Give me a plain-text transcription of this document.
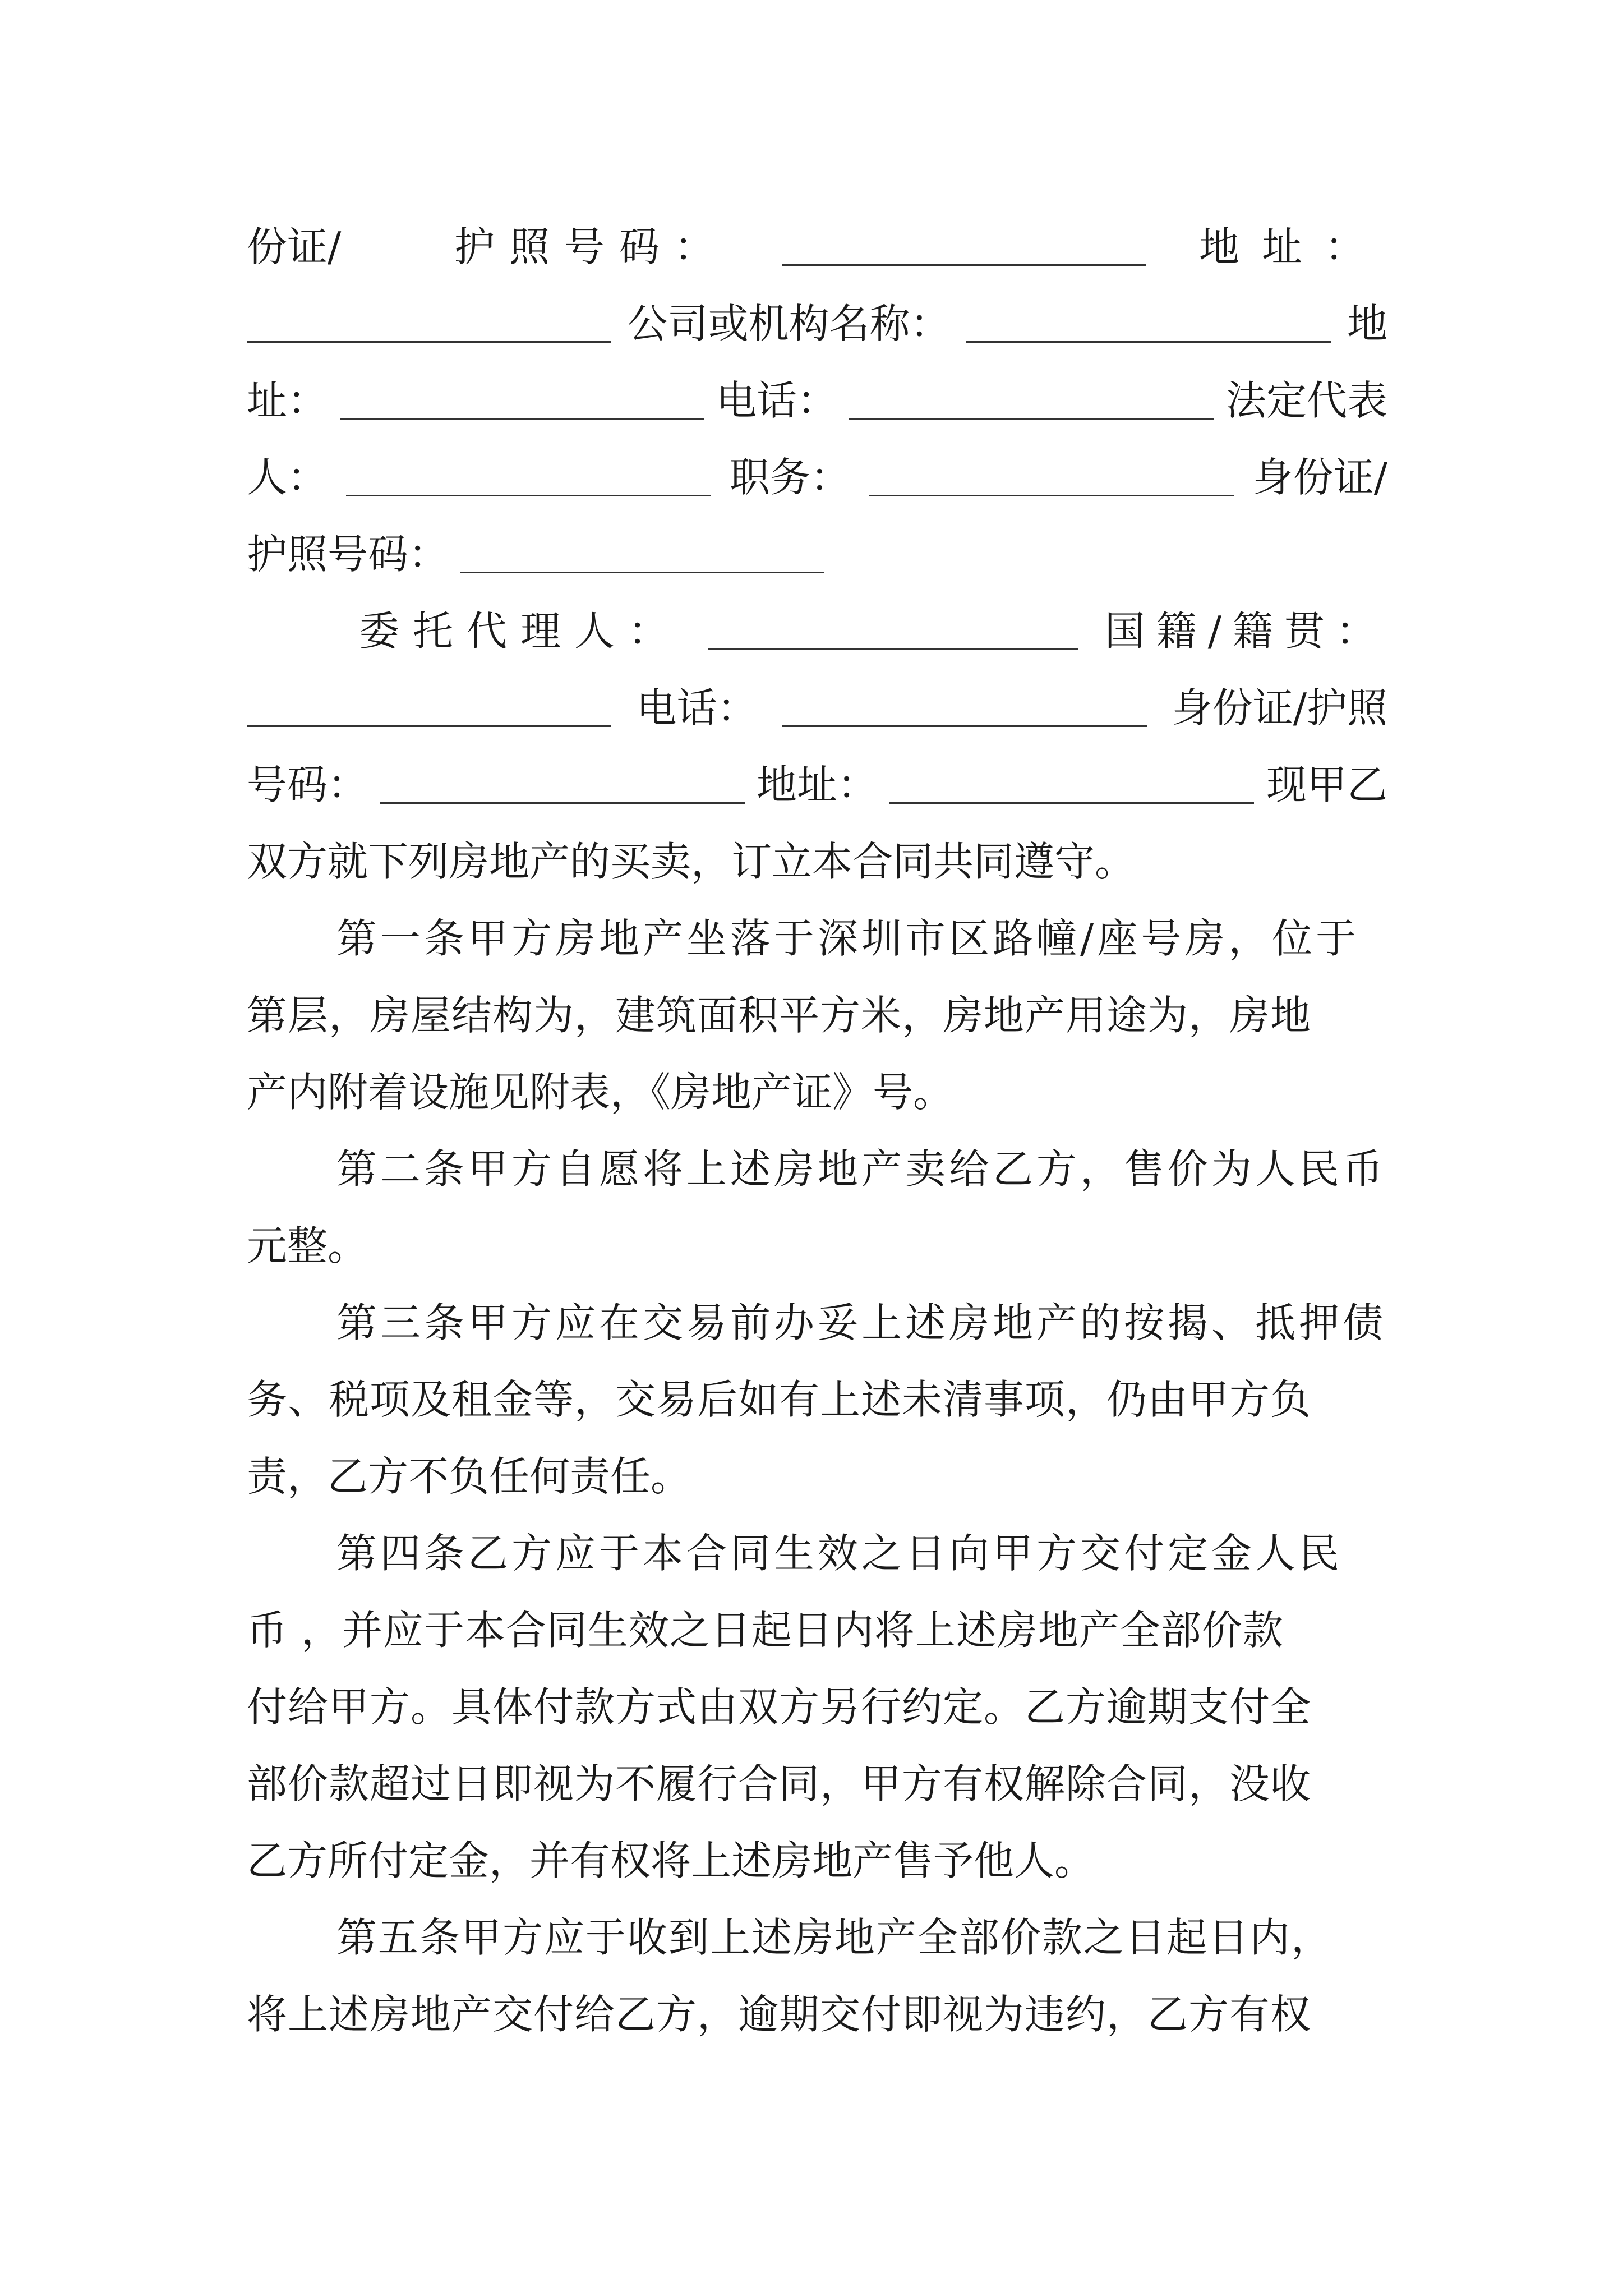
份证/	护照号码：	地址：
公司或机构名称：	地
址：	电话：	法定代表
人：	职务：	身份证/
护照号码：
委托代理人：	国籍/籍贯：
电话：	身份证/护照
号码：	地址：	现甲乙
双方就下列房地产的买卖，订立本合同共同遵守。
第一条甲方房地产坐落于深圳市区路幢/座号房，位于
第层，房屋结构为，建筑面积平方米，房地产用途为，房地
产内附着设施见附表，《房地产证》号。
第二条甲方自愿将上述房地产卖给乙方，售价为人民币
元整。
第三条甲方应在交易前办妥上述房地产的按揭、抵押债
务、税项及租金等，交易后如有上述未清事项，仍由甲方负
责，乙方不负任何责任。
第四条乙方应于本合同生效之日向甲方交付定金人民
币 ，并应于本合同生效之日起日内将上述房地产全部价款
付给甲方。具体付款方式由双方另行约定。乙方逾期支付全
部价款超过日即视为不履行合同，甲方有权解除合同，没收
乙方所付定金，并有权将上述房地产售予他人。
第五条甲方应于收到上述房地产全部价款之日起日内，
将上述房地产交付给乙方，逾期交付即视为违约，乙方有权
